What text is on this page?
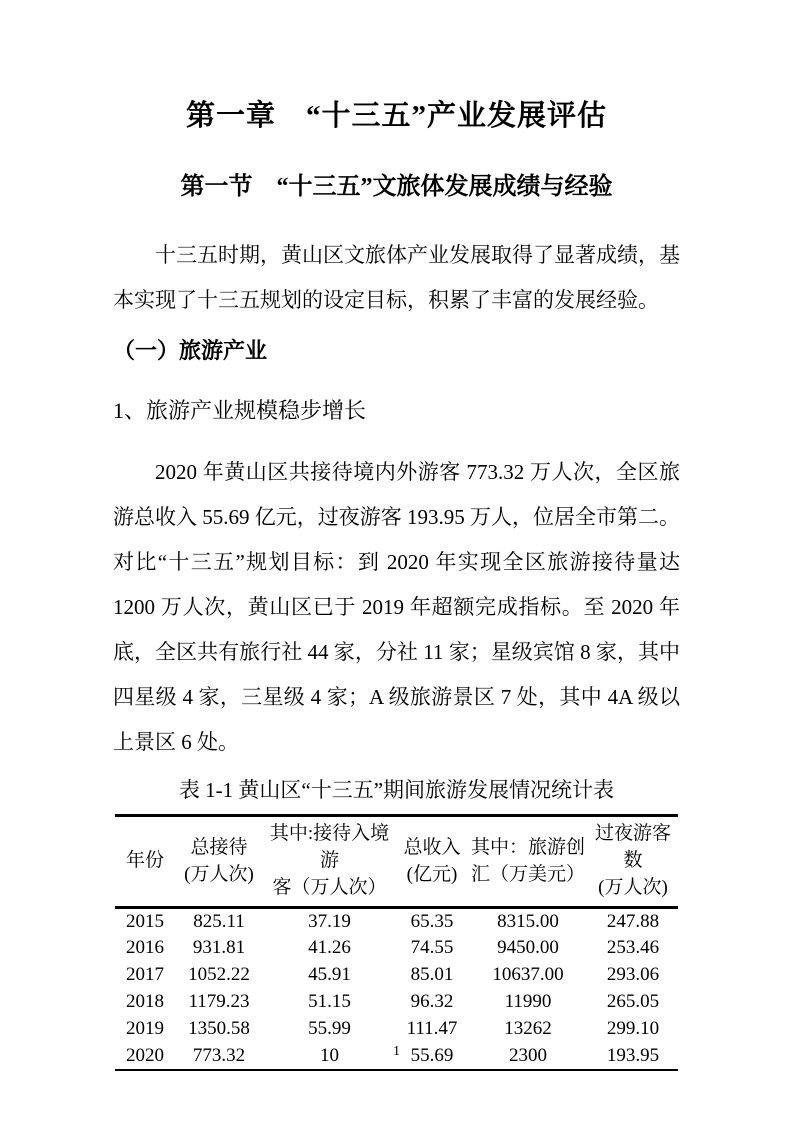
第一章　“十三五”产业发展评估
第一节　“十三五”文旅体发展成绩与经验

十三五时期，黄山区文旅体产业发展取得了显著成绩，基本实现了十三五规划的设定目标，积累了丰富的发展经验。

（一）旅游产业
1、旅游产业规模稳步增长

2020 年黄山区共接待境内外游客 773.32 万人次，全区旅游总收入 55.69 亿元，过夜游客 193.95 万人，位居全市第二。对比“十三五”规划目标：到 2020 年实现全区旅游接待量达 1200 万人次，黄山区已于 2019 年超额完成指标。至 2020 年底，全区共有旅行社 44 家，分社 11 家；星级宾馆 8 家，其中四星级 4 家，三星级 4 家；A 级旅游景区 7 处，其中 4A 级以上景区 6 处。

表 1-1 黄山区“十三五”期间旅游发展情况统计表
年份

总接待
(万人次)

其中:接待入境游
客（万人次）

总收入
(亿元)

其中：旅游创
汇（万美元）

过夜游客数
(万人次)

2015	825.11	37.19	65.35	8315.00	247.88
2016	931.81	41.26	74.55	9450.00	253.46
2017	1052.22	45.91	85.01	10637.00	293.06
2018	1179.23	51.15	96.32	11990	265.05
2019	1350.58	55.99	111.47	13262	299.10
2020	773.32	10	55.69	2300	193.95
1
